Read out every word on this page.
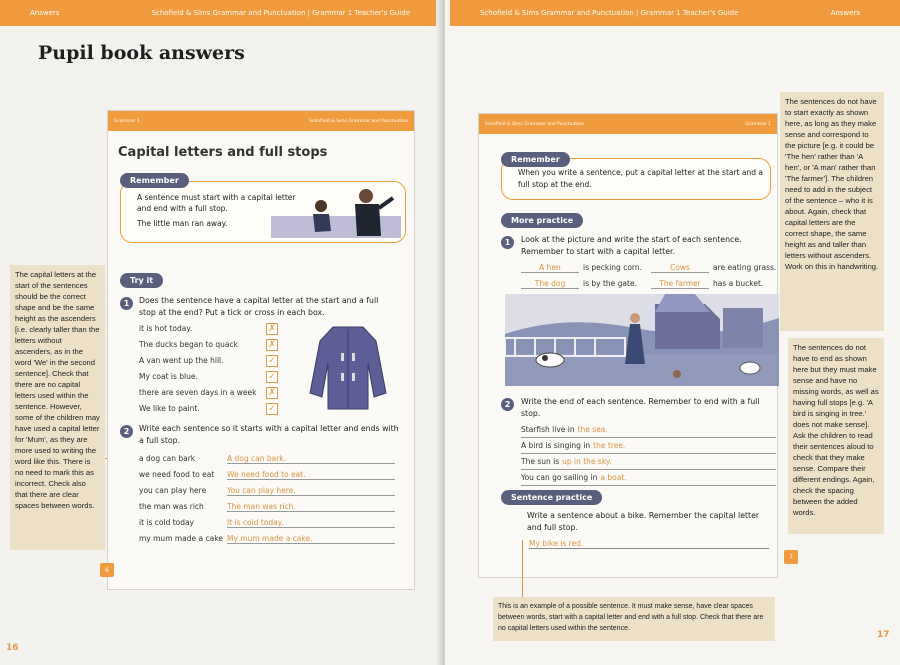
Answers	Schofield & Sims Grammar and Punctuation | Grammar 1 Teacher's Guide
Pupil book answers
The capital letters at the start of the sentences should be the correct shape and be the same height as the ascenders [i.e. clearly taller than the letters without ascenders, as in the word 'We' in the second sentence]. Check that there are no capital letters used within the sentence. However, some of the children may have used a capital letter for 'Mum', as they are more used to writing the word like this. There is no need to mark this as incorrect. Check also that there are clear spaces between words.
Grammar 1	Schofield & Sims Grammar and Punctuation
Capital letters and full stops
A sentence must start with a capital letter and end with a full stop.
The little man ran away.
Remember
Try it
1	Does the sentence have a capital letter at the start and a full stop at the end? Put a tick or cross in each box.
it is hot today.	✗
The ducks began to quack	✗
A van went up the hill.	✓
My coat is blue.	✓
there are seven days in a week ✗
We like to paint.	✓
2	Write each sentence so it starts with a capital letter and ends with a full stop.
a dog can bark	A dog can bark.
we need food to eat We need food to eat.
you can play here	You can play here.
the man was rich	The man was rich.
it is cold today	It is cold today.
my mum made a cake My mum made a cake.
6
16
Schofield & Sims Grammar and Punctuation | Grammar 1 Teacher's Guide	Answers
Schofield & Sims Grammar and Punctuation	Grammar 1
When you write a sentence, put a capital letter at the start and a full stop at the end.
Remember
More practice
1	Look at the picture and write the start of each sentence. Remember to start with a capital letter.
A hen	is pecking corn.	Cows	are eating grass.
The dog	is by the gate.	The farmer	has a bucket.
2	Write the end of each sentence. Remember to end with a full stop.
Starfish live in the sea.
A bird is singing in the tree.
The sun is up in the sky.
You can go sailing in a boat.
Sentence practice
Write a sentence about a bike. Remember the capital letter and full stop.
My bike is red.
7
The sentences do not have to start exactly as shown here, as long as they make sense and correspond to the picture [e.g. it could be 'The hen' rather than 'A hen', or 'A man' rather than 'The farmer']. The children need to add in the subject of the sentence – who it is about. Again, check that capital letters are the correct shape, the same height as and taller than letters without ascenders. Work on this in handwriting.
The sentences do not have to end as shown here but they must make sense and have no missing words, as well as having full stops [e.g. 'A bird is singing in tree.' does not make sense]. Ask the children to read their sentences aloud to check that they make sense. Compare their different endings. Again, check the spacing between the added words.
This is an example of a possible sentence. It must make sense, have clear spaces between words, start with a capital letter and end with a full stop. Check that there are no capital letters used within the sentence.
17
